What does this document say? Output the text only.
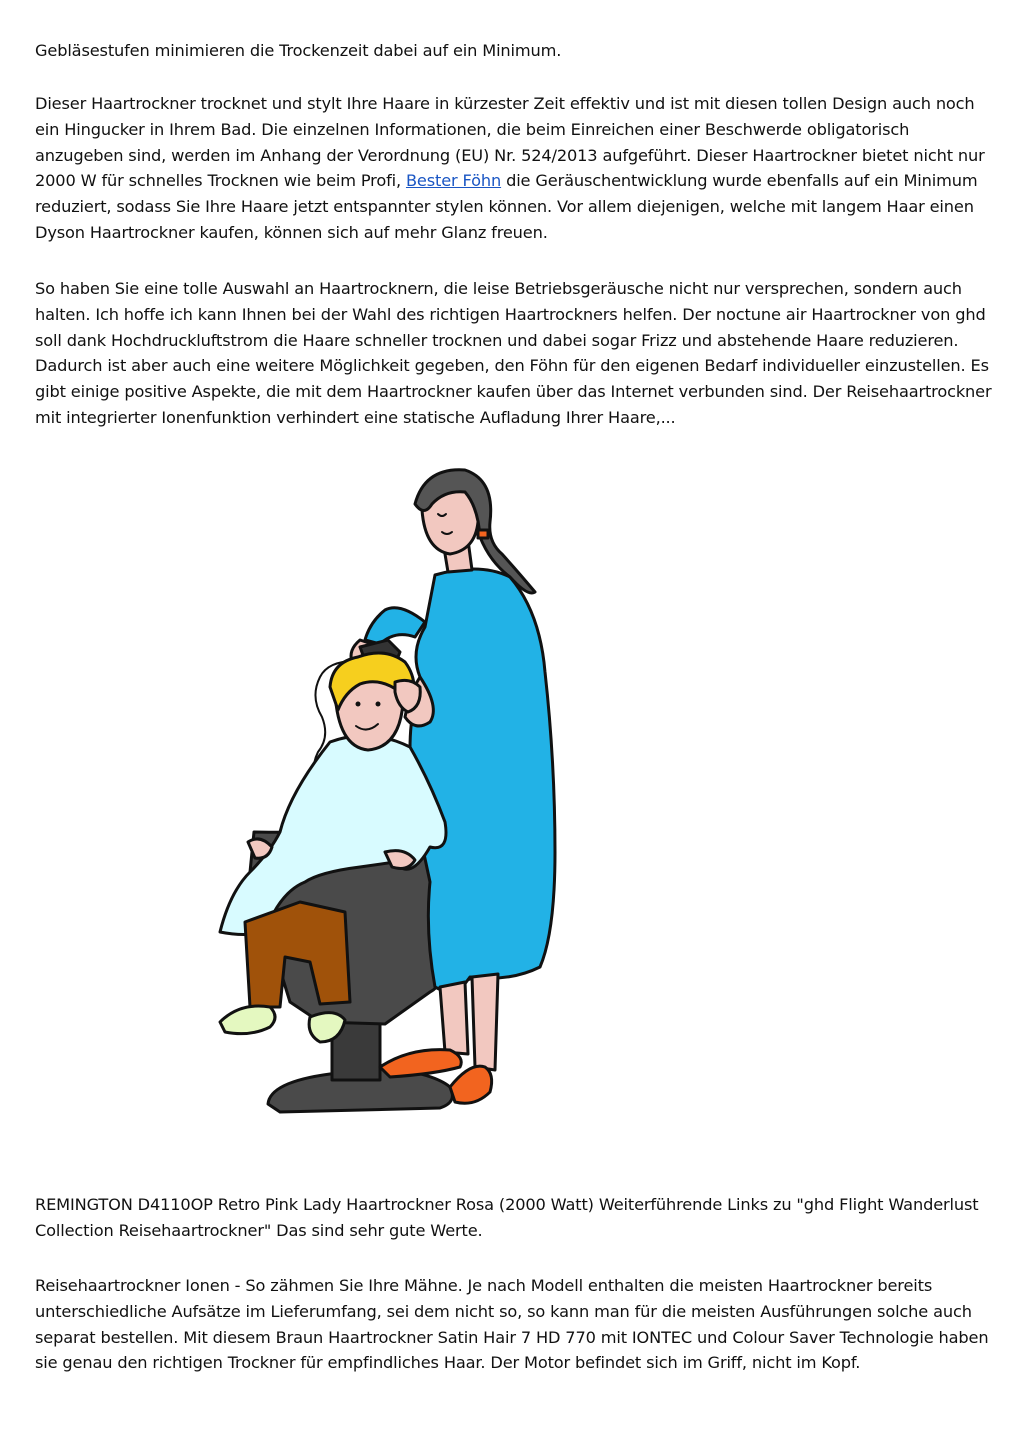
Gebläsestufen minimieren die Trockenzeit dabei auf ein Minimum.

Dieser Haartrockner trocknet und stylt Ihre Haare in kürzester Zeit effektiv und ist mit diesen tollen Design auch noch ein Hingucker in Ihrem Bad. Die einzelnen Informationen, die beim Einreichen einer Beschwerde obligatorisch anzugeben sind, werden im Anhang der Verordnung (EU) Nr. 524/2013 aufgeführt. Dieser Haartrockner bietet nicht nur 2000 W für schnelles Trocknen wie beim Profi, Bester Föhn die Geräuschentwicklung wurde ebenfalls auf ein Minimum reduziert, sodass Sie Ihre Haare jetzt entspannter stylen können. Vor allem diejenigen, welche mit langem Haar einen Dyson Haartrockner kaufen, können sich auf mehr Glanz freuen.

So haben Sie eine tolle Auswahl an Haartrocknern, die leise Betriebsgeräusche nicht nur versprechen, sondern auch halten. Ich hoffe ich kann Ihnen bei der Wahl des richtigen Haartrockners helfen. Der noctune air Haartrockner von ghd soll dank Hochdruckluftstrom die Haare schneller trocknen und dabei sogar Frizz und abstehende Haare reduzieren. Dadurch ist aber auch eine weitere Möglichkeit gegeben, den Föhn für den eigenen Bedarf individueller einzustellen. Es gibt einige positive Aspekte, die mit dem Haartrockner kaufen über das Internet verbunden sind. Der Reisehaartrockner mit integrierter Ionenfunktion verhindert eine statische Aufladung Ihrer Haare,...

REMINGTON D4110OP Retro Pink Lady Haartrockner Rosa (2000 Watt) Weiterführende Links zu "ghd Flight Wanderlust Collection Reisehaartrockner" Das sind sehr gute Werte.

Reisehaartrockner Ionen - So zähmen Sie Ihre Mähne. Je nach Modell enthalten die meisten Haartrockner bereits unterschiedliche Aufsätze im Lieferumfang, sei dem nicht so, so kann man für die meisten Ausführungen solche auch separat bestellen. Mit diesem Braun Haartrockner Satin Hair 7 HD 770 mit IONTEC und Colour Saver Technologie haben sie genau den richtigen Trockner für empfindliches Haar. Der Motor befindet sich im Griff, nicht im Kopf.
